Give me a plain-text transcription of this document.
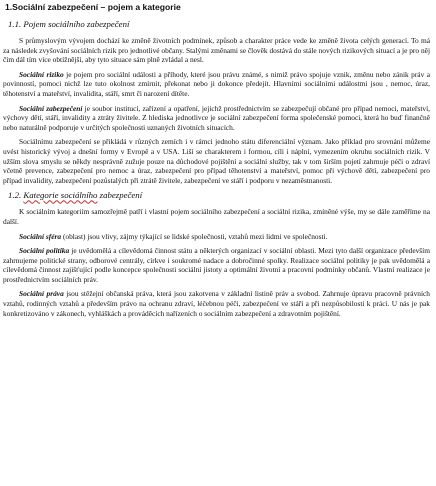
1.Sociální zabezpečení – pojem a kategorie
1.1. Pojem sociálního zabezpečení

S průmyslovým vývojem dochází ke změně životních podmínek, způsob a charakter práce vede ke změně života celých generací. To má za následek zvyšování sociálních rizik pro jednotlivé občany. Stalými změnami se člověk dostává do stále nových rizikových situací a je pro něj čím dál tím více obtížnější, aby tyto situace sám plně zvládal a nesl.

Sociální riziko je pojem pro sociální události a příhody, které jsou právu známé, s nimiž právo spojuje vznik, změnu nebo zánik práv a povinností, pomoci nichž lze tuto okolnost zmírnit, překonat nebo ji dokonce předejít. Hlavními sociálními událostmi jsou , nemoc, úraz, těhotenství a mateřství, invalidita, stáří, smrt či narození dítěte.

Sociální zabezpečení je soubor institucí, zařízení a opatření, jejichž prostřednictvím se zabezpečují občané pro případ nemoci, mateřství, výchovy dětí, stáří, invalidity a ztráty živitele. Z hlediska jednotlivce je sociální zabezpečení forma společenské pomoci, která ho buď finančně nebo naturálně podporuje v určitých společnosti uznaných životních situacích.

Sociálnímu zabezpečení se přikládá v různých zemích i v rámci jednoho státu diferenciální význam. Jako příklad pro srovnání můžeme uvést historický vývoj a dnešní formy v Evropě a v USA. Liší se charakterem i formou, cíli i náplní, vymezením okruhu sociálních rizik. V užším slova smyslu se někdy nesprávně zužuje pouze na důchodové pojištění a sociální služby, tak v tom širším pojetí zahrnuje péči o zdraví včetně prevence, zabezpečení pro nemoc a úraz, zabezpečení pro případ těhotenství a mateřství, pomoc při výchově dětí, zabezpečení pro případ invalidity, zabezpečení pozůstalých při ztrátě živitele, zabezpečení ve stáří i podporu v nezaměstnanosti.

1.2. Kategorie sociálního zabezpečení

K sociálním kategoriím samozřejmě patří i vlastní pojem sociálního zabezpečení a sociální rizika, zmíněné výše, my se dále zaměříme na další.

Sociální sféra (oblast) jsou vlivy, zájmy týkající se lidské společnosti, vztahů mezi lidmi ve společnosti.

Sociální politika je uvědomělá a cílevědomá činnost státu a některých organizací v sociální oblasti. Mezi tyto další organizace především zahrnujeme politické strany, odborové centrály, církve i soukromé nadace a dobročinné spolky. Realizace sociální politiky je pak uvědomělá a cílevědomá činnost zajišťující podle koncepce společnosti sociální jistoty a optimální životní a pracovní podmínky občanů. Vlastní realizace je prostřednictvím sociálních práv.

Sociální práva jsou stěžejní občanská práva, která jsou zakotvena v základní listině práv a svobod. Zahrnuje úpravu pracovně právních vztahů, rodinných vztahů a především právo na ochranu zdraví, léčebnou péči, zabezpečení ve stáří a při nezpůsobilosti k práci. U nás je pak konkretizováno v zákonech, vyhláškách a prováděcích nařízeních o sociálním zabezpečení a zdravotním pojištění.
